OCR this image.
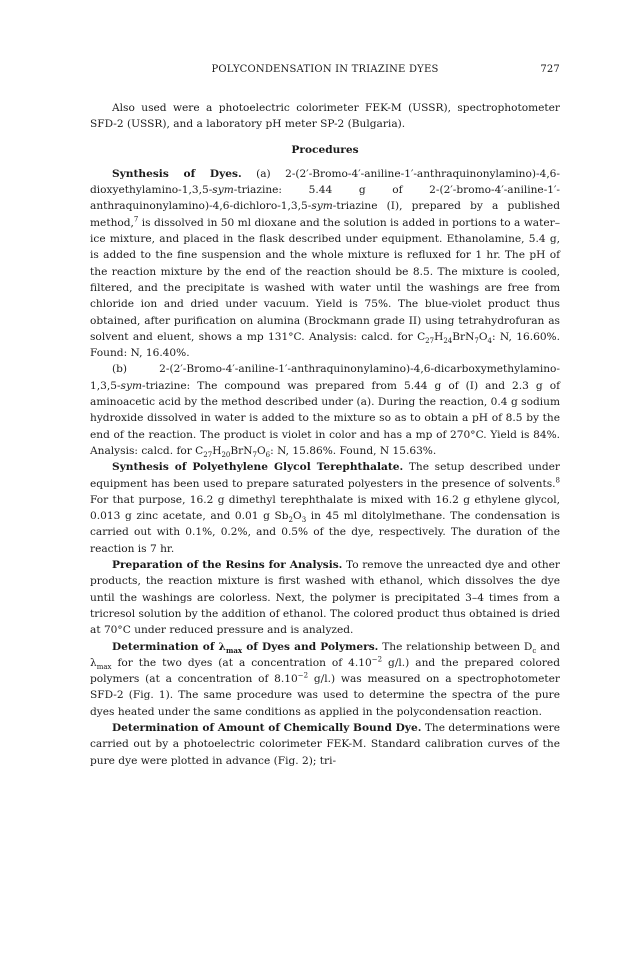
POLYCONDENSATION IN TRIAZINE DYES	727

Also used were a photoelectric colorimeter FEK-M (USSR), spectrophotometer SFD-2 (USSR), and a laboratory pH meter SP-2 (Bulgaria).

Procedures

Synthesis of Dyes. (a) 2-(2′-Bromo-4′-aniline-1′-anthraquinonylamino)-4,6-dioxyethylamino-1,3,5-sym-triazine: 5.44 g of 2-(2′-bromo-4′-aniline-1′-anthraquinonylamino)-4,6-dichloro-1,3,5-sym-triazine (I), prepared by a published method,$^7$ is dissolved in 50 ml dioxane and the solution is added in portions to a water–ice mixture, and placed in the flask described under equipment. Ethanolamine, 5.4 g, is added to the fine suspension and the whole mixture is refluxed for 1 hr. The pH of the reaction mixture by the end of the reaction should be 8.5. The mixture is cooled, filtered, and the precipitate is washed with water until the washings are free from chloride ion and dried under vacuum. Yield is 75%. The blue-violet product thus obtained, after purification on alumina (Brockmann grade II) using tetrahydrofuran as solvent and eluent, shows a mp 131°C. Analysis: calcd. for $C_{27}H_{24}BrN_7O_4$: N, 16.60%. Found: N, 16.40%.

(b) 2-(2′-Bromo-4′-aniline-1′-anthraquinonylamino)-4,6-dicarboxymethylamino-1,3,5-sym-triazine: The compound was prepared from 5.44 g of (I) and 2.3 g of aminoacetic acid by the method described under (a). During the reaction, 0.4 g sodium hydroxide dissolved in water is added to the mixture so as to obtain a pH of 8.5 by the end of the reaction. The product is violet in color and has a mp of 270°C. Yield is 84%. Analysis: calcd. for $C_{27}H_{20}BrN_7O_6$: N, 15.86%. Found, N 15.63%.

Synthesis of Polyethylene Glycol Terephthalate. The setup described under equipment has been used to prepare saturated polyesters in the presence of solvents.$^8$ For that purpose, 16.2 g dimethyl terephthalate is mixed with 16.2 g ethylene glycol, 0.013 g zinc acetate, and 0.01 g $Sb_2O_3$ in 45 ml ditolylmethane. The condensation is carried out with 0.1%, 0.2%, and 0.5% of the dye, respectively. The duration of the reaction is 7 hr.

Preparation of the Resins for Analysis. To remove the unreacted dye and other products, the reaction mixture is first washed with ethanol, which dissolves the dye until the washings are colorless. Next, the polymer is precipitated 3–4 times from a tricresol solution by the addition of ethanol. The colored product thus obtained is dried at 70°C under reduced pressure and is analyzed.

Determination of $\lambda_{max}$ of Dyes and Polymers. The relationship between $D_c$ and $\lambda_{max}$ for the two dyes (at a concentration of $4.10^{-2}$ g/l.) and the prepared colored polymers (at a concentration of $8.10^{-2}$ g/l.) was measured on a spectrophotometer SFD-2 (Fig. 1). The same procedure was used to determine the spectra of the pure dyes heated under the same conditions as applied in the polycondensation reaction.

Determination of Amount of Chemically Bound Dye. The determinations were carried out by a photoelectric colorimeter FEK-M. Standard calibration curves of the pure dye were plotted in advance (Fig. 2); tri-
